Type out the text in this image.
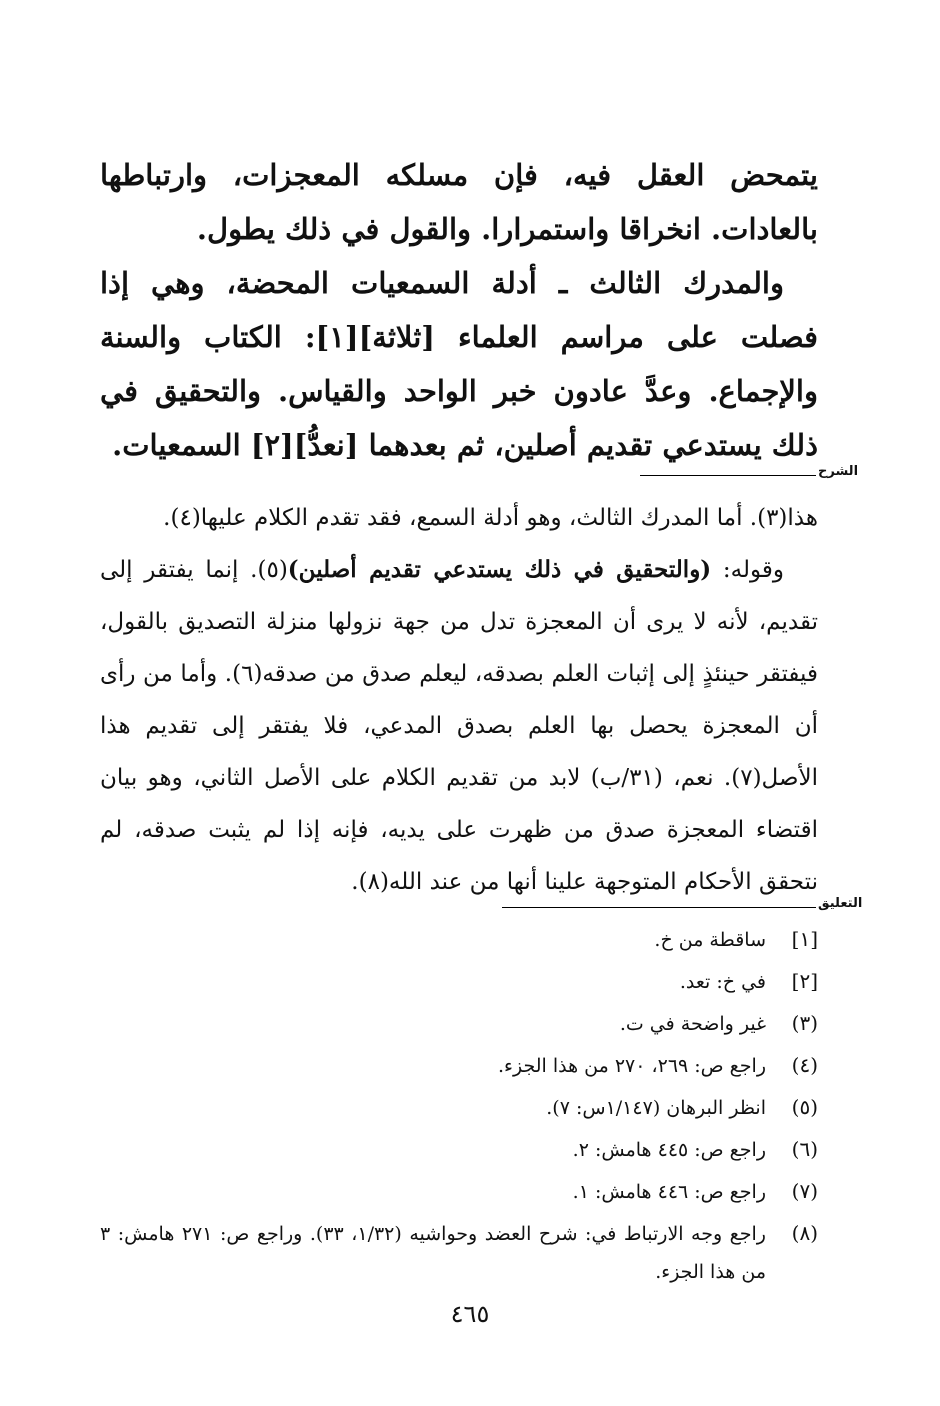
يتمحض العقل فيه، فإن مسلكه المعجزات، وارتباطها بالعادات. انخراقا واستمرارا. والقول في ذلك يطول.

والمدرك الثالث ـ أدلة السمعيات المحضة، وهي إذا فصلت على مراسم العلماء [ثلاثة][١]: الكتاب والسنة والإجماع. وعدَّ عادون خبر الواحد والقياس. والتحقيق في ذلك يستدعي تقديم أصلين، ثم بعدهما [نعدُّ][٢] السمعيات.

الشرح

هذا(٣). أما المدرك الثالث، وهو أدلة السمع، فقد تقدم الكلام عليها(٤).

وقوله: (والتحقيق في ذلك يستدعي تقديم أصلين)(٥). إنما يفتقر إلى تقديم، لأنه لا يرى أن المعجزة تدل من جهة نزولها منزلة التصديق بالقول، فيفتقر حينئذٍ إلى إثبات العلم بصدقه، ليعلم صدق من صدقه(٦). وأما من رأى أن المعجزة يحصل بها العلم بصدق المدعي، فلا يفتقر إلى تقديم هذا الأصل(٧). نعم، (٣١/ب) لابد من تقديم الكلام على الأصل الثاني، وهو بيان اقتضاء المعجزة صدق من ظهرت على يديه، فإنه إذا لم يثبت صدقه، لم نتحقق الأحكام المتوجهة علينا أنها من عند الله(٨).

التعليق
[١]
ساقطة من خ.
[٢]
في خ: تعد.
(٣)
غير واضحة في ت.
(٤)
راجع ص: ٢٦٩، ٢٧٠ من هذا الجزء.
(٥)
انظر البرهان (١/١٤٧س: ٧).
(٦)
راجع ص: ٤٤٥ هامش: ٢.
(٧)
راجع ص: ٤٤٦ هامش: ١.
(٨)
راجع وجه الارتباط في: شرح العضد وحواشيه (١/٣٢، ٣٣). وراجع ص: ٢٧١ هامش: ٣ من هذا الجزء.
٤٦٥
